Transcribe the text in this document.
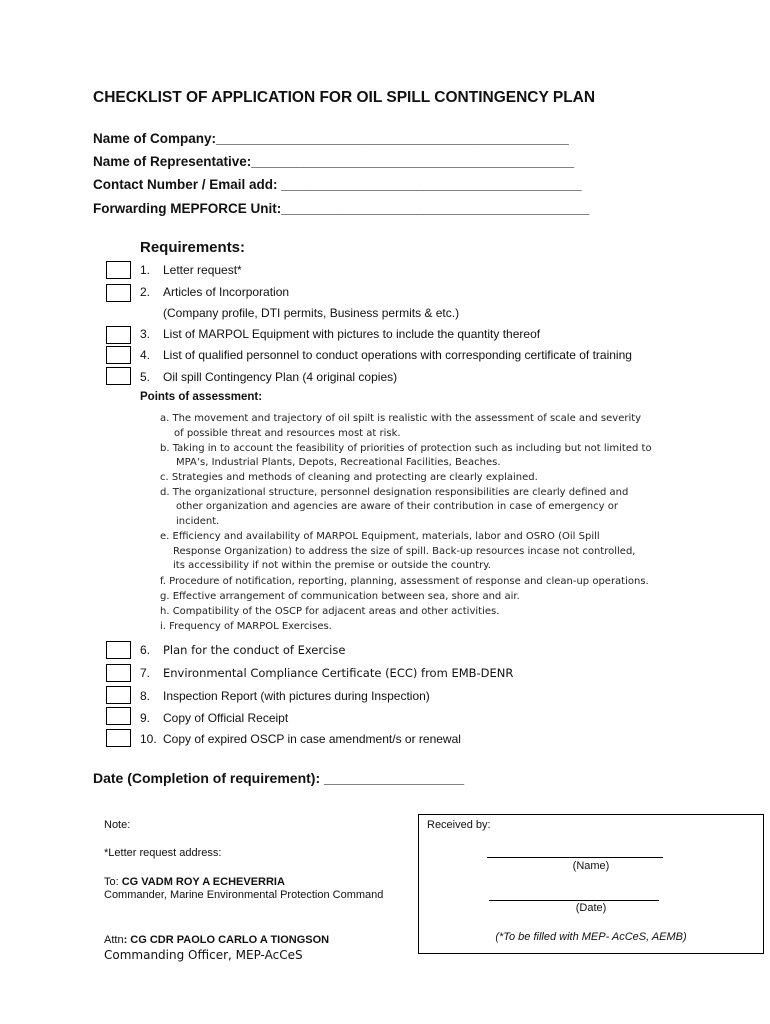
CHECKLIST OF APPLICATION FOR OIL SPILL CONTINGENCY PLAN
Name of Company:_______________________________________________
Name of Representative:___________________________________________
Contact Number / Email add: ________________________________________
Forwarding MEPFORCE Unit:_________________________________________
Requirements:
1. Letter request*
2. Articles of Incorporation
(Company profile, DTI permits, Business permits & etc.)
3. List of MARPOL Equipment with pictures to include the quantity thereof
4. List of qualified personnel to conduct operations with corresponding certificate of training
5. Oil spill Contingency Plan (4 original copies)
Points of assessment:
a. The movement and trajectory of oil spilt is realistic with the assessment of scale and severity
of possible threat and resources most at risk.
b. Taking in to account the feasibility of priorities of protection such as including but not limited to
MPA’s, Industrial Plants, Depots, Recreational Facilities, Beaches.
c. Strategies and methods of cleaning and protecting are clearly explained.
d. The organizational structure, personnel designation responsibilities are clearly defined and
other organization and agencies are aware of their contribution in case of emergency or
incident.
e. Efficiency and availability of MARPOL Equipment, materials, labor and OSRO (Oil Spill
Response Organization) to address the size of spill. Back-up resources incase not controlled,
its accessibility if not within the premise or outside the country.
f. Procedure of notification, reporting, planning, assessment of response and clean-up operations.
g. Effective arrangement of communication between sea, shore and air.
h. Compatibility of the OSCP for adjacent areas and other activities.
i. Frequency of MARPOL Exercises.
6. Plan for the conduct of Exercise
7. Environmental Compliance Certificate (ECC) from EMB-DENR
8. Inspection Report (with pictures during Inspection)
9. Copy of Official Receipt
10. Copy of expired OSCP in case amendment/s or renewal
Date (Completion of requirement): __________________
Note:
*Letter request address:
To: CG VADM ROY A ECHEVERRIA
Commander, Marine Environmental Protection Command
Attn: CG CDR PAOLO CARLO A TIONGSON
Commanding Officer, MEP-AcCeS
Received by:
(Name)
(Date)
(*To be filled with MEP- AcCeS, AEMB)
